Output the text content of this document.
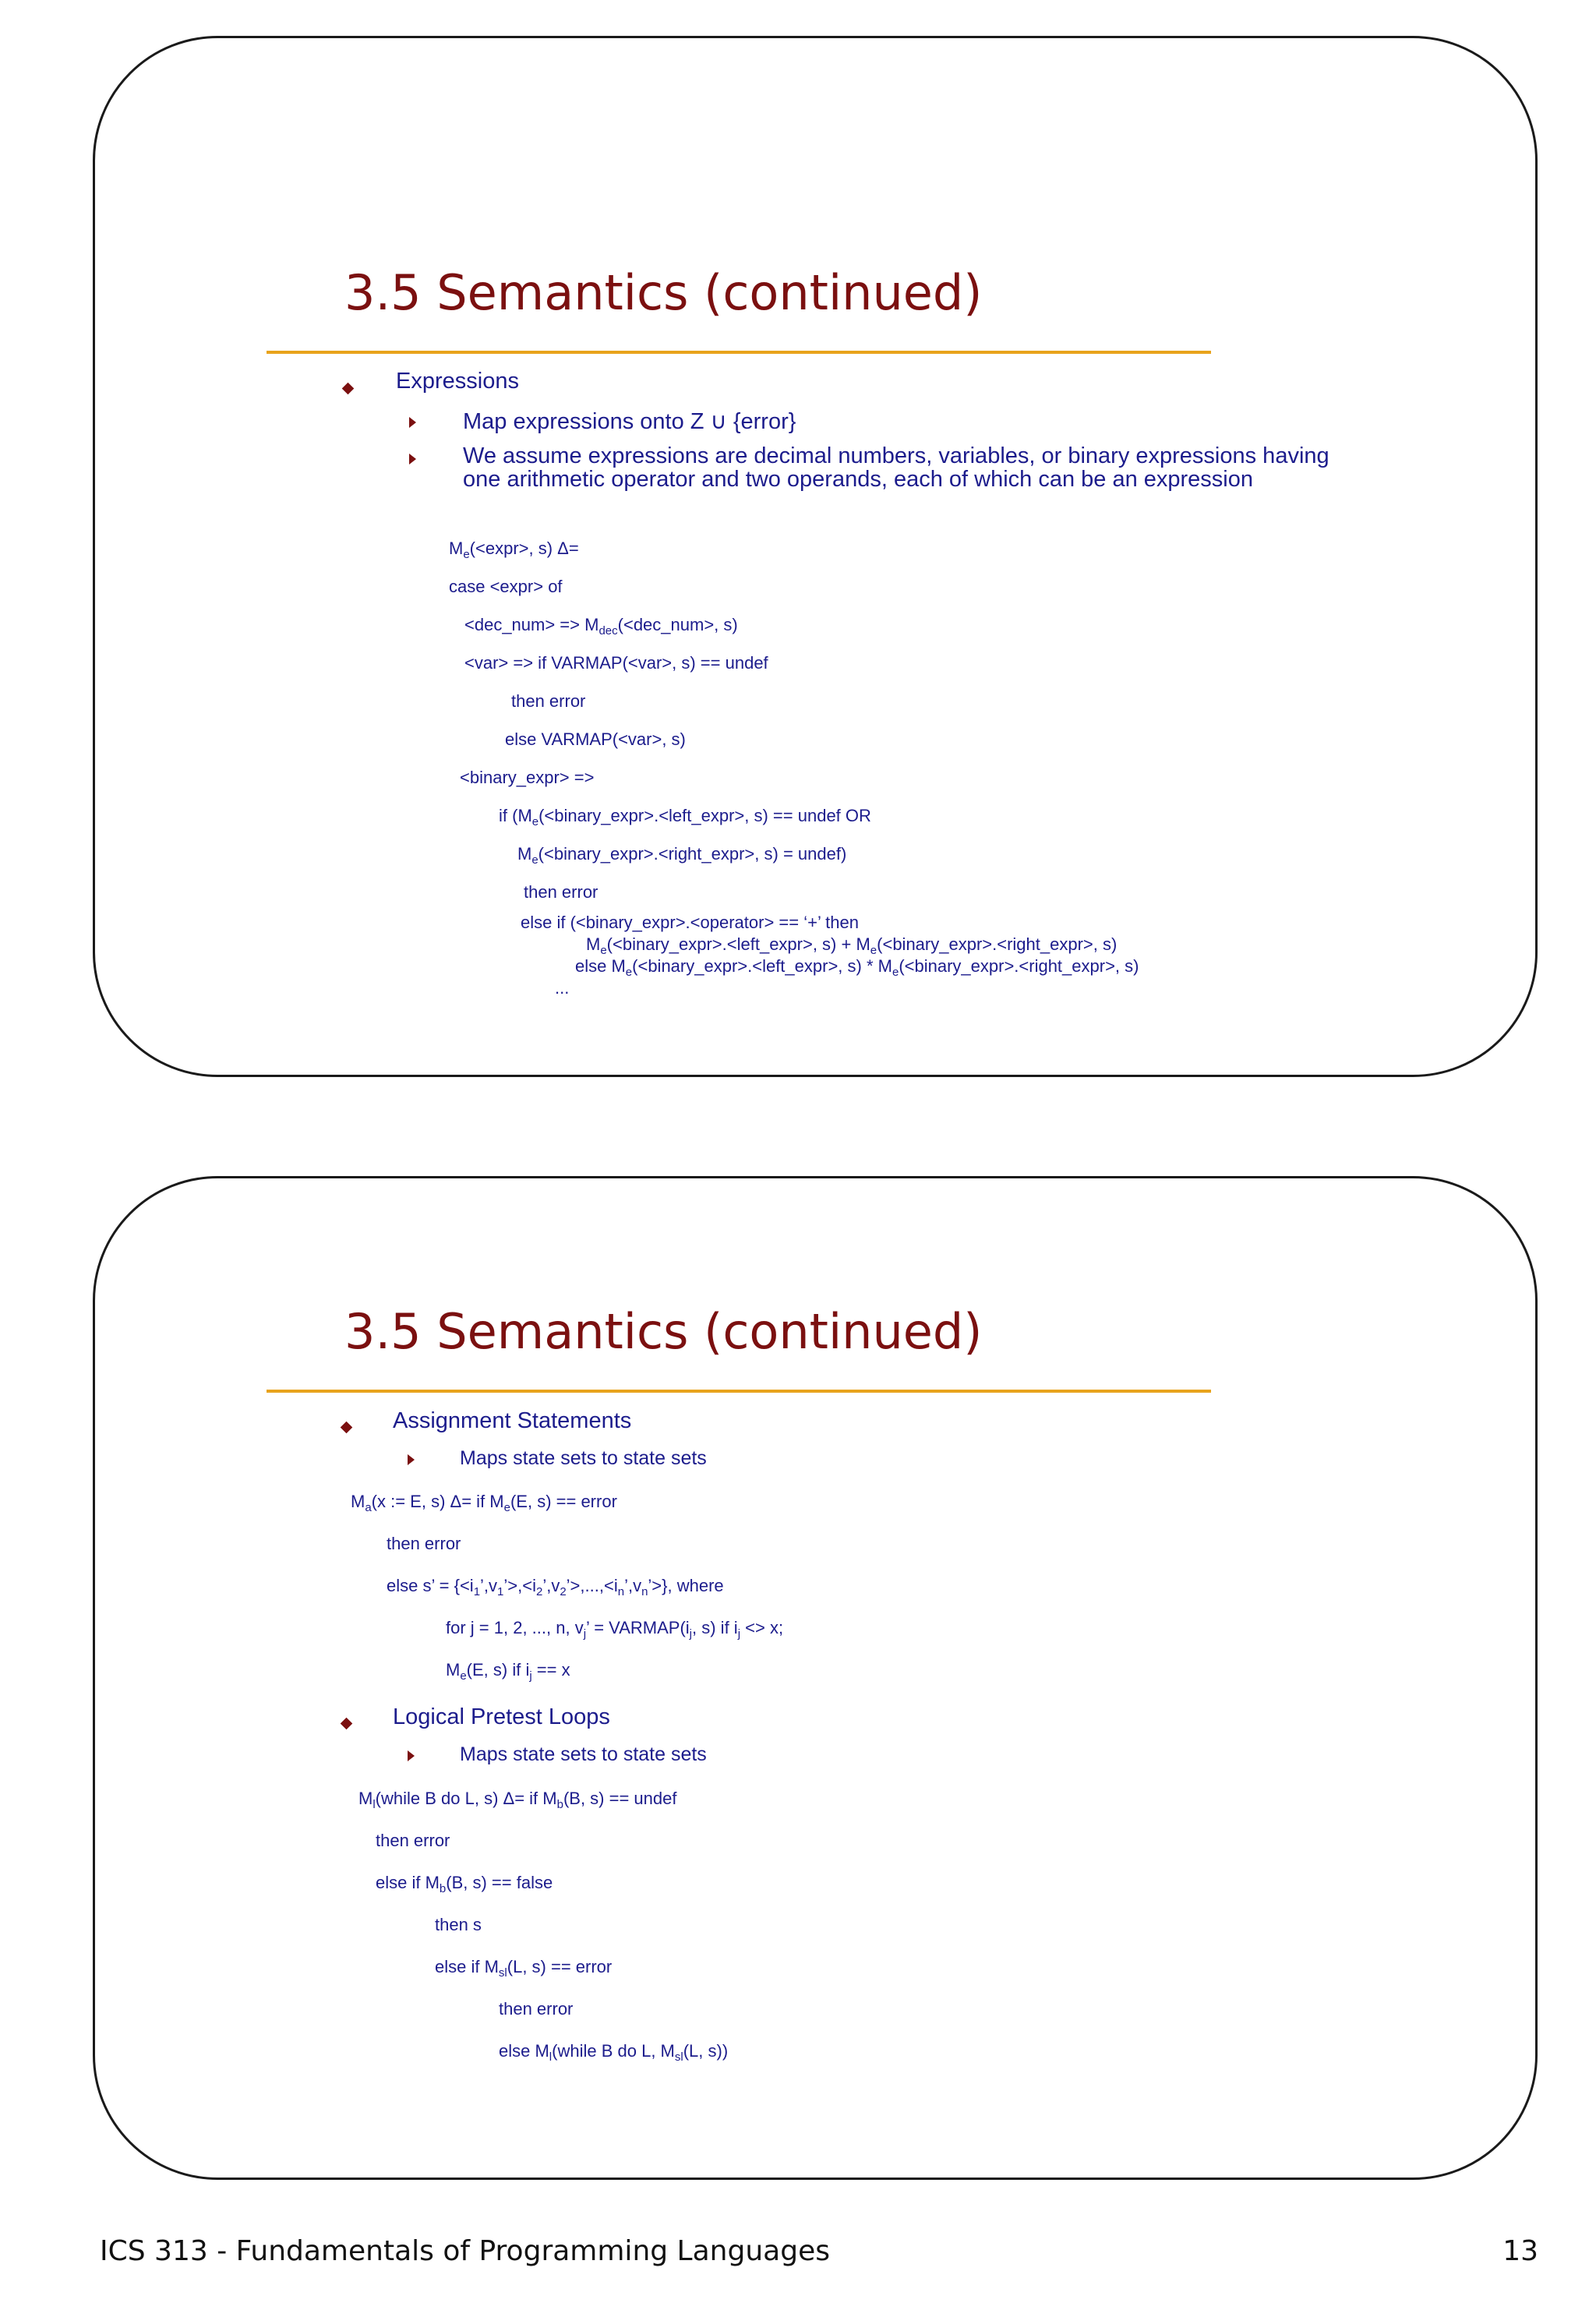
3.5 Semantics (continued)
Expressions
Map expressions onto Z ∪ {error}
We assume expressions are decimal numbers, variables, or binary expressions having one arithmetic operator and two operands, each of which can be an expression
$M_e(<\exp r>$, s) Δ=
case <expr> of
<dec_num> => $M_{dec}(<dec\_num>$, s)
<var> => if VARMAP(<var>, s) == undef
then error
else VARMAP(<var>, s)
<binary_expr> =>
if ($M_e(<binary\_\exp r>.<left\_\exp r>$, s) == undef OR
$M_e(<binary\_\exp r>.<right\_\exp r>$, s) = undef)
then error
else if (<binary_expr>.<operator> == ‘+’ then
$M_e(<binary\_\exp r>.<left\_\exp r>$, $s) + M_e(<binary\_\exp r>.<right\_\exp r>$, s)
else $M_e(<binary\_\exp r>.<left\_\exp r>$, $s) * M_e(<binary\_\exp r>.<right\_\exp r>$, s)
...
3.5 Semantics (continued)
Assignment Statements
Maps state sets to state sets
$M_a(x$ := E, s) Δ= if $M_e(E$, s) == error
then error
else s’ = $\{<i_1’,v_1’>,<i_2’,v_2’>,...,<i_n’,v_n’>\}$, where
for j = 1, 2, ..., n, $v_j$’ = $VARMAP(i_j$, s) if $i_j <> x$;
$M_e(E$, s) if $i_j == x$
Logical Pretest Loops
Maps state sets to state sets
$M_l(while$ B do L, s) Δ= if $M_b(B$, s) == undef
then error
else if $M_b(B$, s) == false
then s
else if $M_{sl}(L$, s) == error
then error
else $M_l(while$ B do L, $M_{sl}(L$, s))
ICS 313 - Fundamentals of Programming Languages	13
